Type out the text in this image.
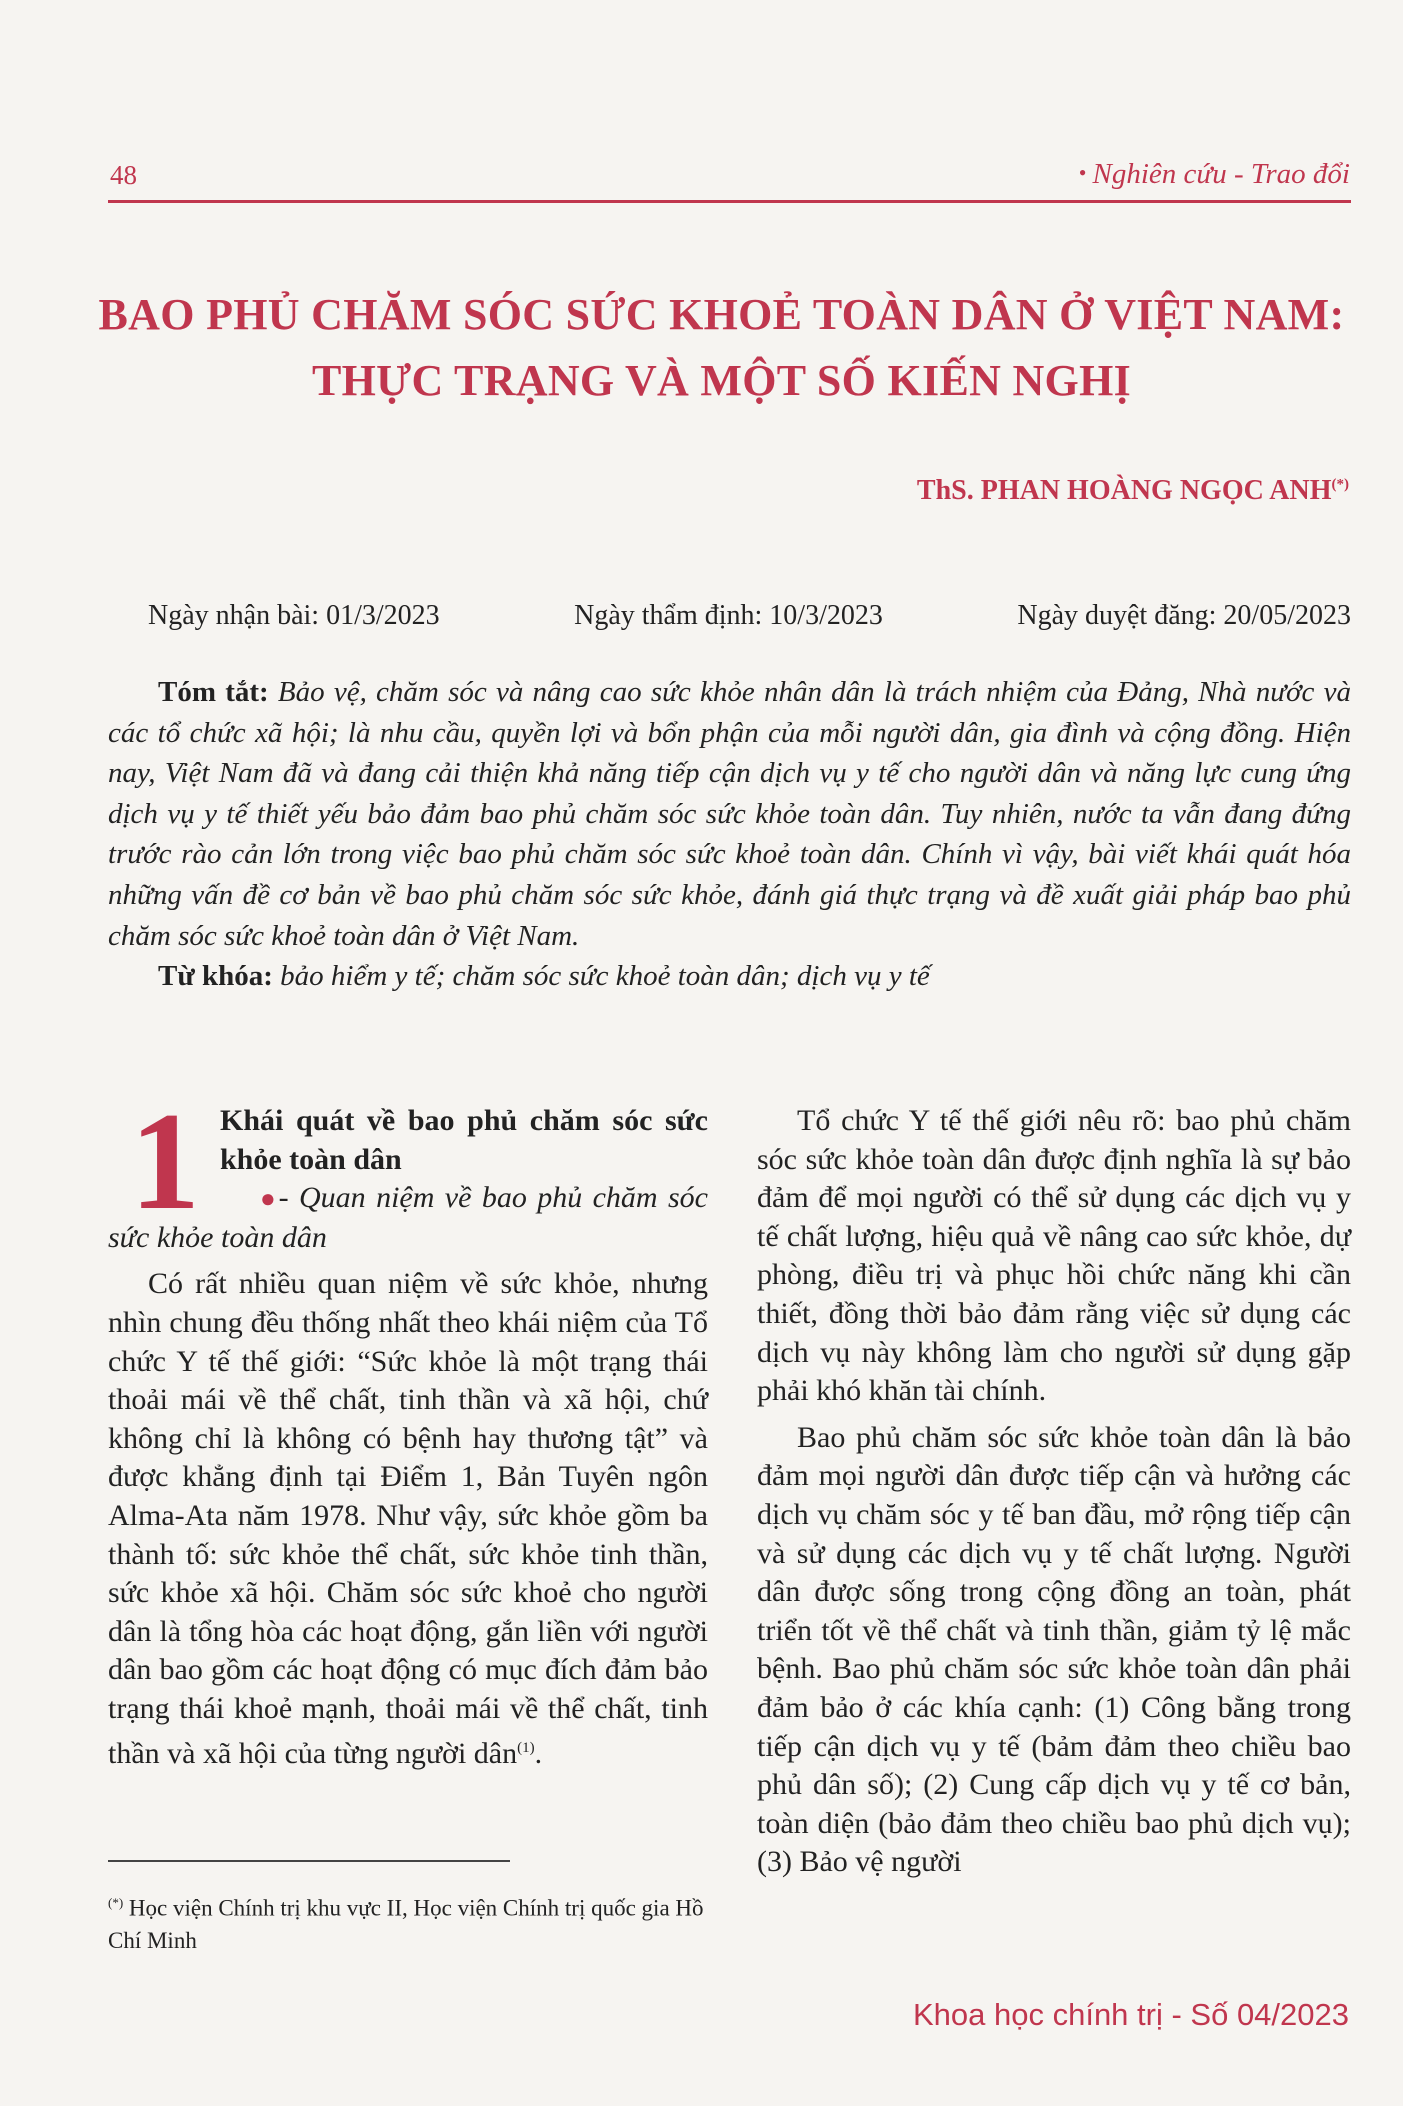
48	• Nghiên cứu - Trao đổi
BAO PHỦ CHĂM SÓC SỨC KHOẺ TOÀN DÂN Ở VIỆT NAM:
THỰC TRẠNG VÀ MỘT SỐ KIẾN NGHỊ
ThS. PHAN HOÀNG NGỌC ANH(*)
Ngày nhận bài: 01/3/2023	Ngày thẩm định: 10/3/2023	Ngày duyệt đăng: 20/05/2023
Tóm tắt: Bảo vệ, chăm sóc và nâng cao sức khỏe nhân dân là trách nhiệm của Đảng, Nhà nước và các tổ chức xã hội; là nhu cầu, quyền lợi và bổn phận của mỗi người dân, gia đình và cộng đồng. Hiện nay, Việt Nam đã và đang cải thiện khả năng tiếp cận dịch vụ y tế cho người dân và năng lực cung ứng dịch vụ y tế thiết yếu bảo đảm bao phủ chăm sóc sức khỏe toàn dân. Tuy nhiên, nước ta vẫn đang đứng trước rào cản lớn trong việc bao phủ chăm sóc sức khoẻ toàn dân. Chính vì vậy, bài viết khái quát hóa những vấn đề cơ bản về bao phủ chăm sóc sức khỏe, đánh giá thực trạng và đề xuất giải pháp bao phủ chăm sóc sức khoẻ toàn dân ở Việt Nam.
Từ khóa: bảo hiểm y tế; chăm sóc sức khoẻ toàn dân; dịch vụ y tế
1 Khái quát về bao phủ chăm sóc sức khỏe toàn dân

●- Quan niệm về bao phủ chăm sóc sức khỏe toàn dân

Có rất nhiều quan niệm về sức khỏe, nhưng nhìn chung đều thống nhất theo khái niệm của Tổ chức Y tế thế giới: “Sức khỏe là một trạng thái thoải mái về thể chất, tinh thần và xã hội, chứ không chỉ là không có bệnh hay thương tật” và được khẳng định tại Điểm 1, Bản Tuyên ngôn Alma-Ata năm 1978. Như vậy, sức khỏe gồm ba thành tố: sức khỏe thể chất, sức khỏe tinh thần, sức khỏe xã hội. Chăm sóc sức khoẻ cho người dân là tổng hòa các hoạt động, gắn liền với người dân bao gồm các hoạt động có mục đích đảm bảo trạng thái khoẻ mạnh, thoải mái về thể chất, tinh thần và xã hội của từng người dân$^{(1)}$.

Tổ chức Y tế thế giới nêu rõ: bao phủ chăm sóc sức khỏe toàn dân được định nghĩa là sự bảo đảm để mọi người có thể sử dụng các dịch vụ y tế chất lượng, hiệu quả về nâng cao sức khỏe, dự phòng, điều trị và phục hồi chức năng khi cần thiết, đồng thời bảo đảm rằng việc sử dụng các dịch vụ này không làm cho người sử dụng gặp phải khó khăn tài chính.

Bao phủ chăm sóc sức khỏe toàn dân là bảo đảm mọi người dân được tiếp cận và hưởng các dịch vụ chăm sóc y tế ban đầu, mở rộng tiếp cận và sử dụng các dịch vụ y tế chất lượng. Người dân được sống trong cộng đồng an toàn, phát triển tốt về thể chất và tinh thần, giảm tỷ lệ mắc bệnh. Bao phủ chăm sóc sức khỏe toàn dân phải đảm bảo ở các khía cạnh: (1) Công bằng trong tiếp cận dịch vụ y tế (bảm đảm theo chiều bao phủ dân số); (2) Cung cấp dịch vụ y tế cơ bản, toàn diện (bảo đảm theo chiều bao phủ dịch vụ); (3) Bảo vệ người

(*) Học viện Chính trị khu vực II, Học viện Chính trị quốc gia Hồ Chí Minh
Khoa học chính trị - Số 04/2023
